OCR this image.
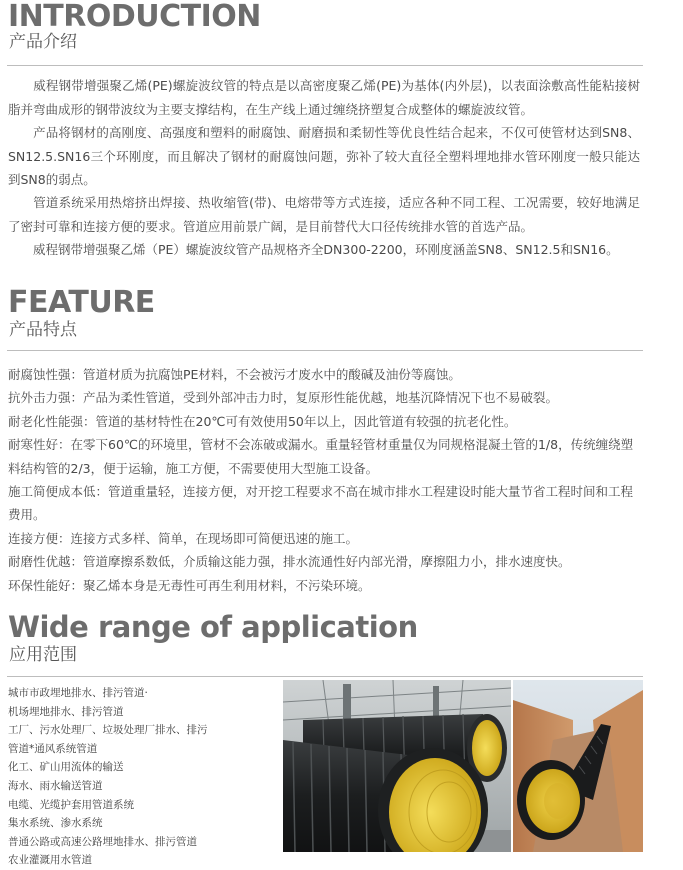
INTRODUCTION
产品介绍

威程钢带增强聚乙烯(PE)螺旋波纹管的特点是以高密度聚乙烯(PE)为基体(内外层)，以表面涂敷高性能粘接树脂并弯曲成形的钢带波纹为主要支撑结构，在生产线上通过缠绕挤塑复合成整体的螺旋波纹管。

产品将钢材的高刚度、高强度和塑料的耐腐蚀、耐磨损和柔韧性等优良性结合起来，不仅可使管材达到SN8、SN12.5.SN16三个环刚度，而且解决了钢材的耐腐蚀问题，弥补了较大直径全塑料埋地排水管环刚度一般只能达到SN8的弱点。

管道系统采用热熔挤出焊接、热收缩管(带)、电熔带等方式连接，适应各种不同工程、工况需要，较好地满足了密封可靠和连接方便的要求。管道应用前景广阔，是目前替代大口径传统排水管的首选产品。

威程钢带增强聚乙烯（PE）螺旋波纹管产品规格齐全DN300-2200，环刚度涵盖SN8、SN12.5和SN16。

FEATURE
产品特点
耐腐蚀性强：管道材质为抗腐蚀PE材料，不会被污才废水中的酸碱及油份等腐蚀。
抗外击力强：产品为柔性管道，受到外部冲击力时，复原形性能优越，地基沉降情况下也不易破裂。
耐老化性能强：管道的基材特性在20℃可有效使用50年以上，因此管道有较强的抗老化性。
耐寒性好：在零下60℃的环境里，管材不会冻破或漏水。重量轻管材重量仅为同规格混凝土管的1/8，传统缠绕塑料结构管的2/3，便于运输，施工方便，不需要使用大型施工设备。
施工简便成本低：管道重量轻，连接方便，对开挖工程要求不高在城市排水工程建设时能大量节省工程时间和工程费用。
连接方便：连接方式多样、简单，在现场即可简便迅速的施工。
耐磨性优越：管道摩擦系数低，介质输这能力强，排水流通性好内部光滑，摩擦阻力小，排水速度快。
环保性能好：聚乙烯本身是无毒性可再生利用材料，不污染环境。
Wide range of application
应用范围
城市市政埋地排水、排污管道·
机场埋地排水、排污管道
工厂、污水处理厂、垃圾处理厂排水、排污
管道*通风系统管道
化工、矿山用流体的输送
海水、雨水输送管道
电缆、光缆护套用管道系统
集水系统、渗水系统
普通公路或高速公路埋地排水、排污管道
农业灌溉用水管道
